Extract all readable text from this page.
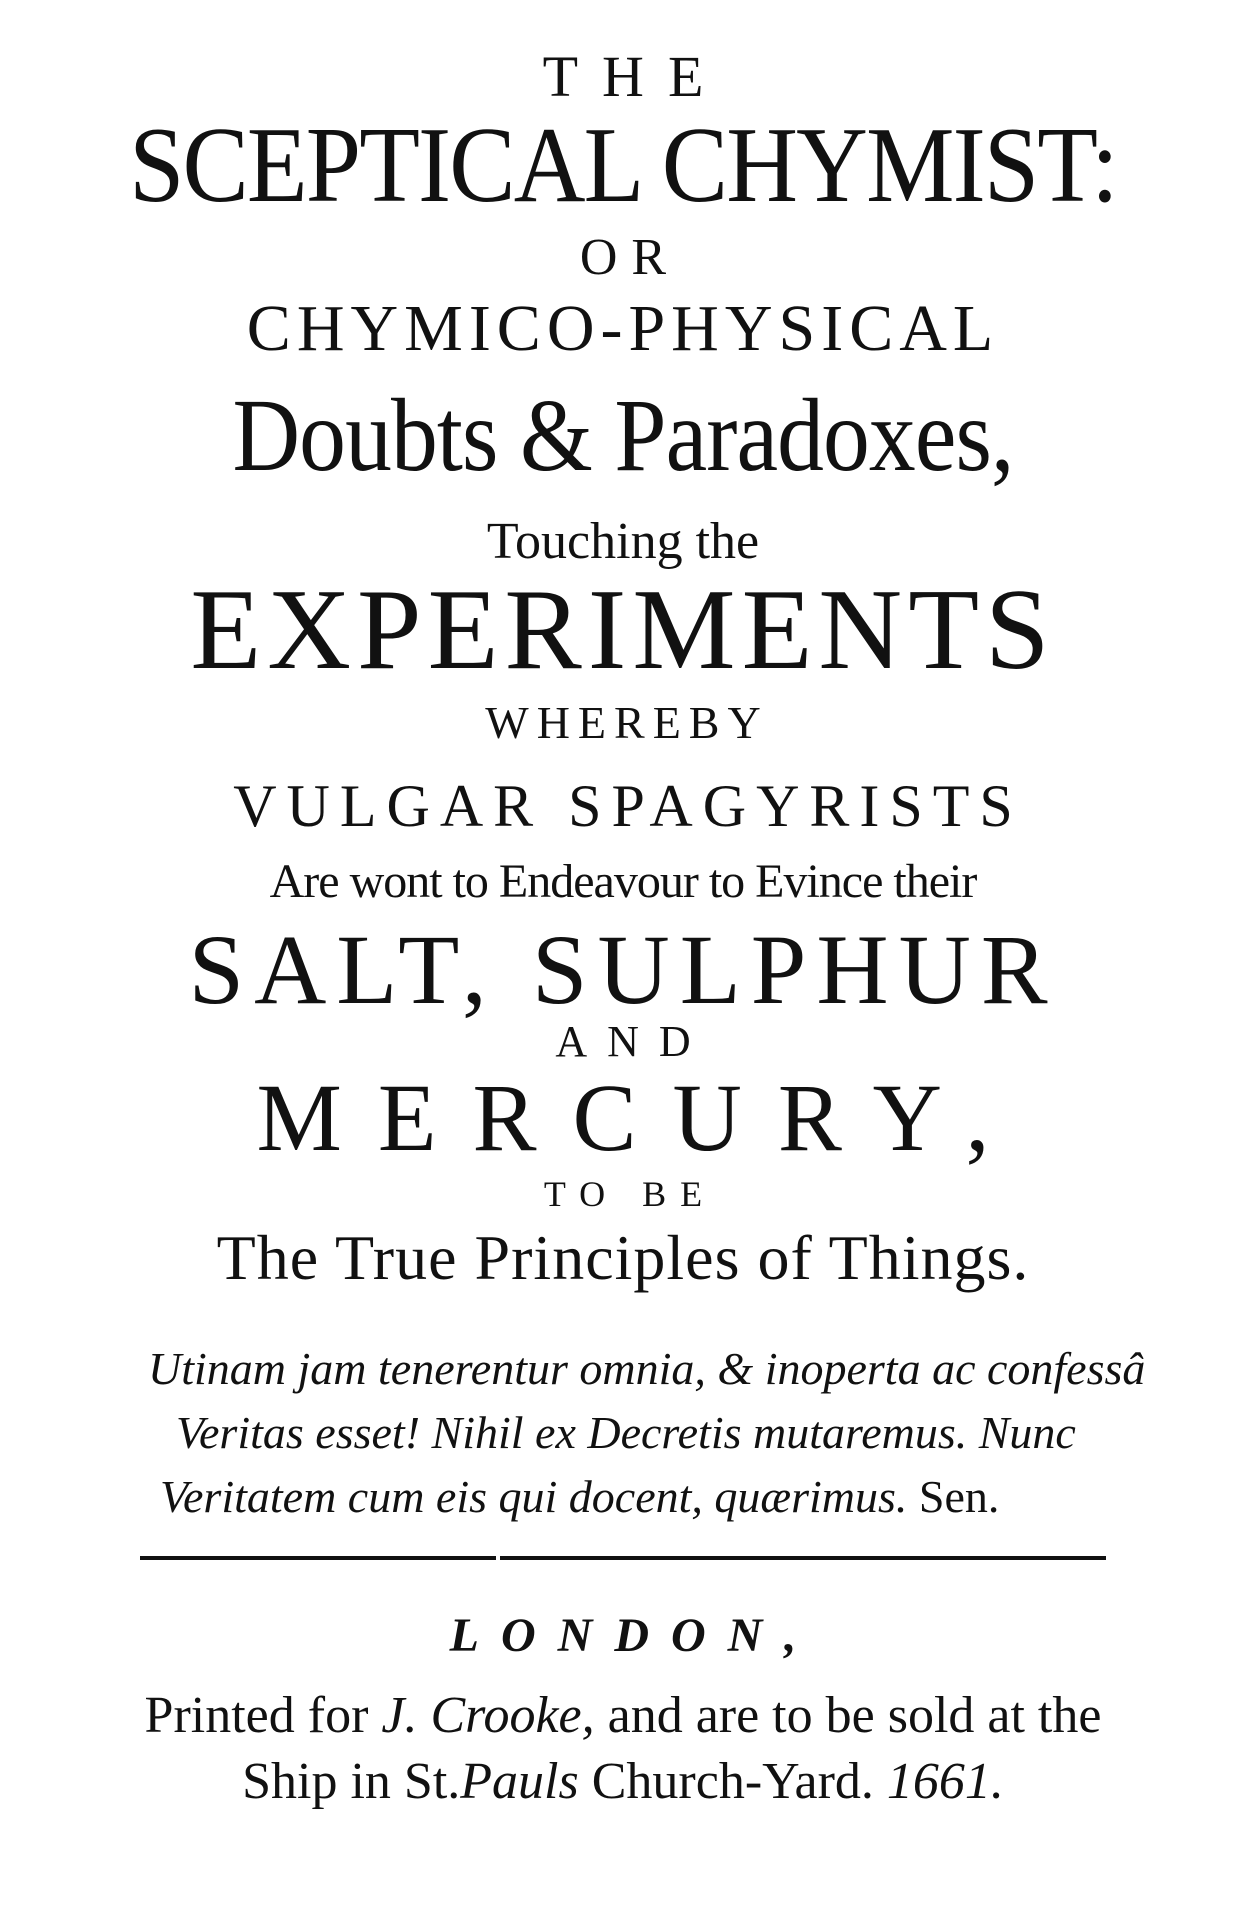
THE
SCEPTICAL CHYMIST:
OR
CHYMICO-PHYSICAL
Doubts & Paradoxes,
Touching the
EXPERIMENTS
WHEREBY
VULGAR SPAGYRISTS
Are wont to Endeavour to Evince their
SALT, SULPHUR
AND
MERCURY,
TO BE
The True Principles of Things.
Utinam jam tenerentur omnia, & inoperta ac confessâ
Veritas esset! Nihil ex Decretis mutaremus. Nunc
Veritatem cum eis qui docent, quærimus. Sen.
LONDON,
Printed for J. Crooke, and are to be sold at the
Ship in St.Pauls Church-Yard. 1661.
